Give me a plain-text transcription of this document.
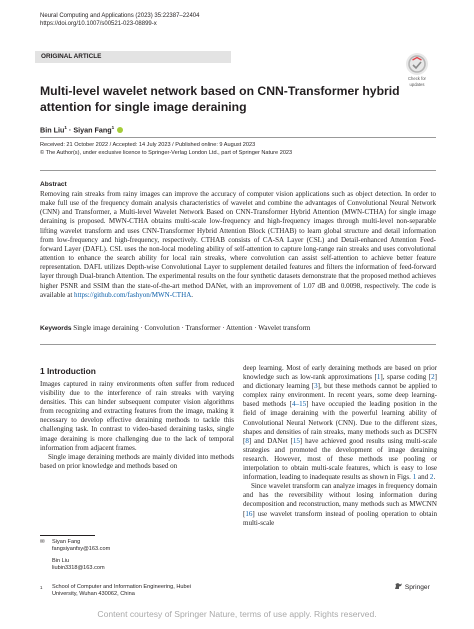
Neural Computing and Applications (2023) 35:22387–22404
https://doi.org/10.1007/s00521-023-08899-x
ORIGINAL ARTICLE
Check for
updates
Multi-level wavelet network based on CNN-Transformer hybrid attention for single image deraining
Bin Liu$^1$ · Siyan Fang$^1$
Received: 21 October 2022 / Accepted: 14 July 2023 / Published online: 9 August 2023
© The Author(s), under exclusive licence to Springer-Verlag London Ltd., part of Springer Nature 2023
Abstract
Removing rain streaks from rainy images can improve the accuracy of computer vision applications such as object detection. In order to make full use of the frequency domain analysis characteristics of wavelet and combine the advantages of Convolutional Neural Network (CNN) and Transformer, a Multi-level Wavelet Network Based on CNN-Transformer Hybrid Attention (MWN-CTHA) for single image deraining is proposed. MWN-CTHA obtains multi-scale low-frequency and high-frequency images through multi-level non-separable lifting wavelet transform and uses CNN-Transformer Hybrid Attention Block (CTHAB) to learn global structure and detail information from low-frequency and high-frequency, respectively. CTHAB consists of CA-SA Layer (CSL) and Detail-enhanced Attention Feed-forward Layer (DAFL). CSL uses the non-local modeling ability of self-attention to capture long-range rain streaks and uses convolutional attention to enhance the search ability for local rain streaks, where convolution can assist self-attention to achieve better feature representation. DAFL utilizes Depth-wise Convolutional Layer to supplement detailed features and filters the information of feed-forward layer through Dual-branch Attention. The experimental results on the four synthetic datasets demonstrate that the proposed method achieves higher PSNR and SSIM than the state-of-the-art method DANet, with an improvement of 1.07 dB and 0.0098, respectively. The code is available at https://github.com/fashyon/MWN-CTHA.
Keywords Single image deraining · Convolution · Transformer · Attention · Wavelet transform
1 Introduction

Images captured in rainy environments often suffer from reduced visibility due to the interference of rain streaks with varying densities. This can hinder subsequent computer vision algorithms from recognizing and extracting features from the image, making it necessary to develop effective deraining methods to tackle this challenging task. In contrast to video-based deraining tasks, single image deraining is more challenging due to the lack of temporal information from adjacent frames.

Single image deraining methods are mainly divided into methods based on prior knowledge and methods based on

deep learning. Most of early deraining methods are based on prior knowledge such as low-rank approximations [1], sparse coding [2] and dictionary learning [3], but these methods cannot be applied to complex rainy environment. In recent years, some deep learning-based methods [4–15] have occupied the leading position in the field of image deraining with the powerful learning ability of Convolutional Neural Network (CNN). Due to the different sizes, shapes and densities of rain streaks, many methods such as DCSFN [8] and DANet [15] have achieved good results using multi-scale strategies and promoted the development of image deraining research. However, most of these methods use pooling or interpolation to obtain multi-scale features, which is easy to lose information, leading to inadequate results as shown in Figs. 1 and 2.

Since wavelet transform can analyze images in frequency domain and has the reversibility without losing information during decomposition and reconstruction, many methods such as MWCNN [16] use wavelet transform instead of pooling operation to obtain multi-scale

✉	Siyan Fang
fangsiyanfsy@163.com
Bin Liu
liubin3318@163.com
1	School of Computer and Information Engineering, Hubei
University, Wuhan 430062, China
Springer
Content courtesy of Springer Nature, terms of use apply. Rights reserved.
